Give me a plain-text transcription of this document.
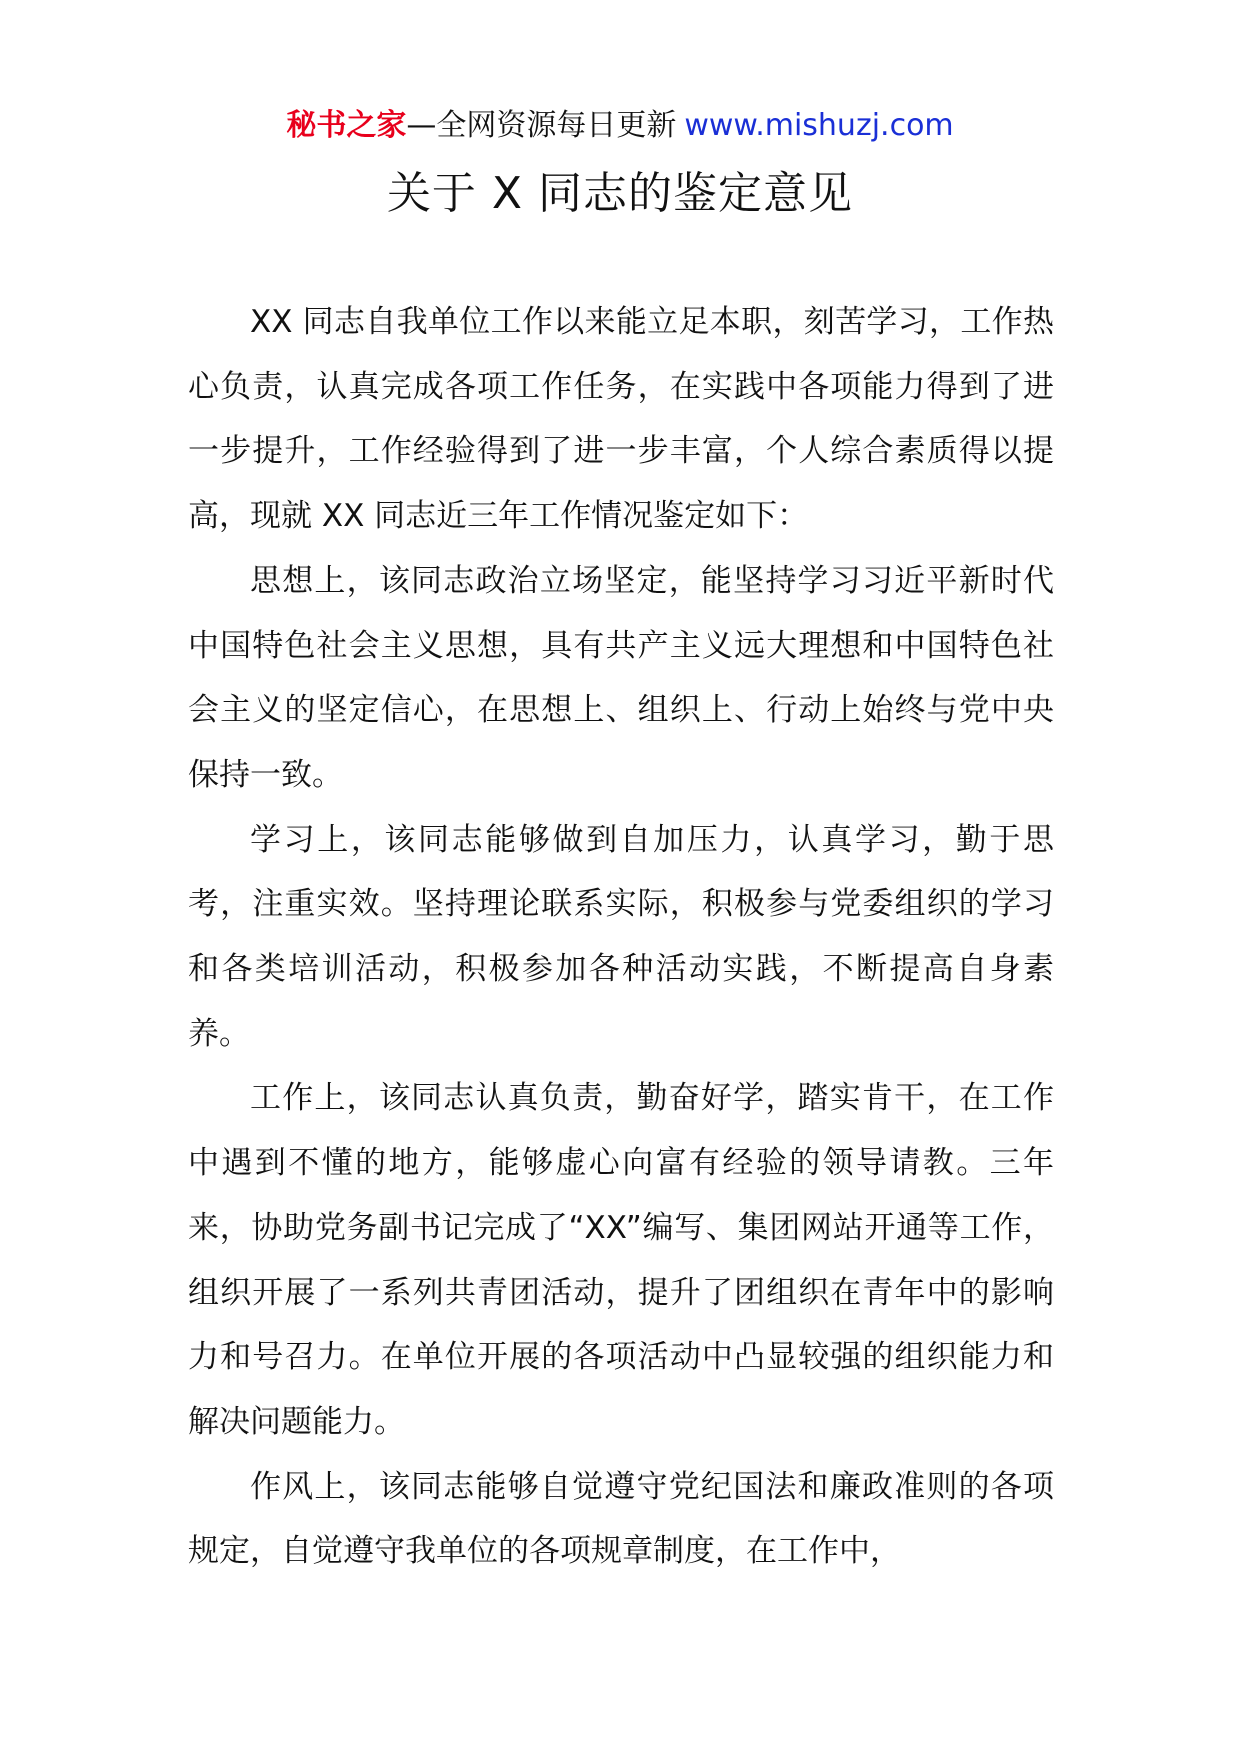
秘书之家—全网资源每日更新 www.mishuzj.com
关于 X 同志的鉴定意见

XX 同志自我单位工作以来能立足本职，刻苦学习，工作热心负责，认真完成各项工作任务，在实践中各项能力得到了进一步提升，工作经验得到了进一步丰富，个人综合素质得以提高，现就 XX 同志近三年工作情况鉴定如下：

思想上，该同志政治立场坚定，能坚持学习习近平新时代中国特色社会主义思想，具有共产主义远大理想和中国特色社会主义的坚定信心，在思想上、组织上、行动上始终与党中央保持一致。

学习上，该同志能够做到自加压力，认真学习，勤于思考，注重实效。坚持理论联系实际，积极参与党委组织的学习和各类培训活动，积极参加各种活动实践，不断提高自身素养。

工作上，该同志认真负责，勤奋好学，踏实肯干，在工作中遇到不懂的地方，能够虚心向富有经验的领导请教。三年来，协助党务副书记完成了“XX”编写、集团网站开通等工作，组织开展了一系列共青团活动，提升了团组织在青年中的影响力和号召力。在单位开展的各项活动中凸显较强的组织能力和解决问题能力。

作风上，该同志能够自觉遵守党纪国法和廉政准则的各项规定，自觉遵守我单位的各项规章制度，在工作中，
